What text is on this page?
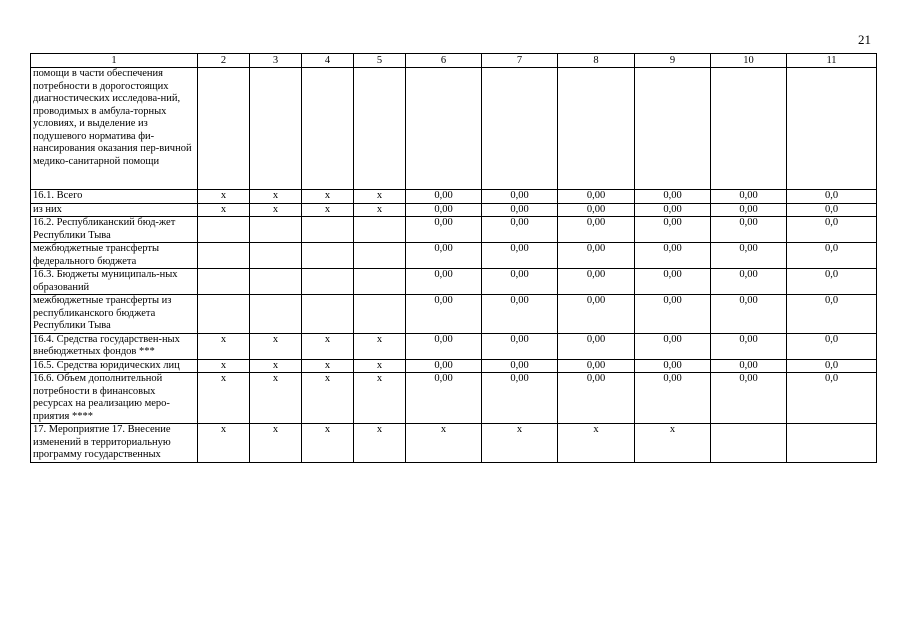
21
1	2	3	4	5	6	7	8	9	10	11
помощи в части обеспечения потребности в дорогостоящих диагностических исследова-ний, проводимых в амбула-торных условиях, и выделение из подушевого норматива фи-нансирования оказания пер-вичной медико-санитарной помощи										
16.1. Всего	x	x	x	x	0,00	0,00	0,00	0,00	0,00	0,0
из них	x	x	x	x	0,00	0,00	0,00	0,00	0,00	0,0
16.2. Республиканский бюд-жет Республики Тыва					0,00	0,00	0,00	0,00	0,00	0,0
межбюджетные трансферты федерального бюджета					0,00	0,00	0,00	0,00	0,00	0,0
16.3. Бюджеты муниципаль-ных образований					0,00	0,00	0,00	0,00	0,00	0,0
межбюджетные трансферты из республиканского бюджета Республики Тыва					0,00	0,00	0,00	0,00	0,00	0,0
16.4. Средства государствен-ных внебюджетных фондов ***	x	x	x	x	0,00	0,00	0,00	0,00	0,00	0,0
16.5. Средства юридических лиц	x	x	x	x	0,00	0,00	0,00	0,00	0,00	0,0
16.6. Объем дополнительной потребности в финансовых ресурсах на реализацию меро-приятия ****	x	x	x	x	0,00	0,00	0,00	0,00	0,00	0,0
17. Мероприятие 17. Внесение изменений в территориальную программу государственных	x	x	x	x	x	x	x	x		
